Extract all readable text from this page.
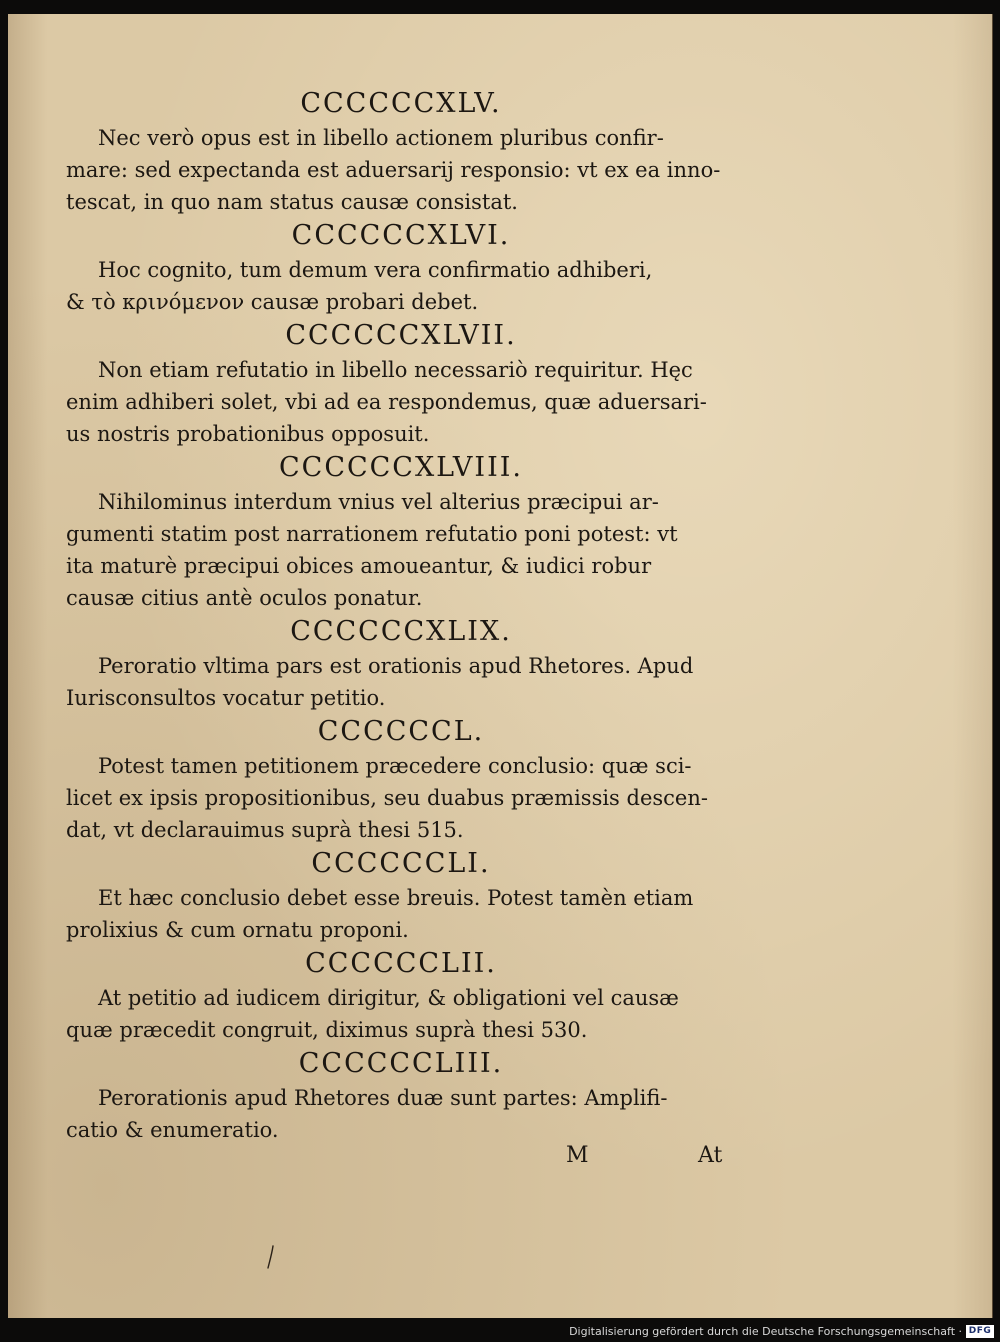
CCCCCCXLV.
Nec verò opus est in libello actionem pluribus confir-
mare: sed expectanda est aduersarij responsio: vt ex ea inno-
tescat, in quo nam status causæ consistat.
CCCCCCXLVI.
Hoc cognito, tum demum vera confirmatio adhiberi,
& τὸ κρινόμενον causæ probari debet.
CCCCCCXLVII.
Non etiam refutatio in libello necessariò requiritur. Hęc
enim adhiberi solet, vbi ad ea respondemus, quæ aduersari-
us nostris probationibus opposuit.
CCCCCCXLVIII.
Nihilominus interdum vnius vel alterius præcipui ar-
gumenti statim post narrationem refutatio poni potest: vt
ita maturè præcipui obices amoueantur, & iudici robur
causæ citius antè oculos ponatur.
CCCCCCXLIX.
Peroratio vltima pars est orationis apud Rhetores. Apud
Iurisconsultos vocatur petitio.
CCCCCCL.
Potest tamen petitionem præcedere conclusio: quæ sci-
licet ex ipsis propositionibus, seu duabus præmissis descen-
dat, vt declarauimus suprà thesi 515.
CCCCCCLI.
Et hæc conclusio debet esse breuis. Potest tamèn etiam
prolixius & cum ornatu proponi.
CCCCCCLII.
At petitio ad iudicem dirigitur, & obligationi vel causæ
quæ præcedit congruit, diximus suprà thesi 530.
CCCCCCLIII.
Perorationis apud Rhetores duæ sunt partes: Amplifi-
catio & enumeratio.
M	At
Digitalisierung gefördert durch die Deutsche Forschungsgemeinschaft · DFG
